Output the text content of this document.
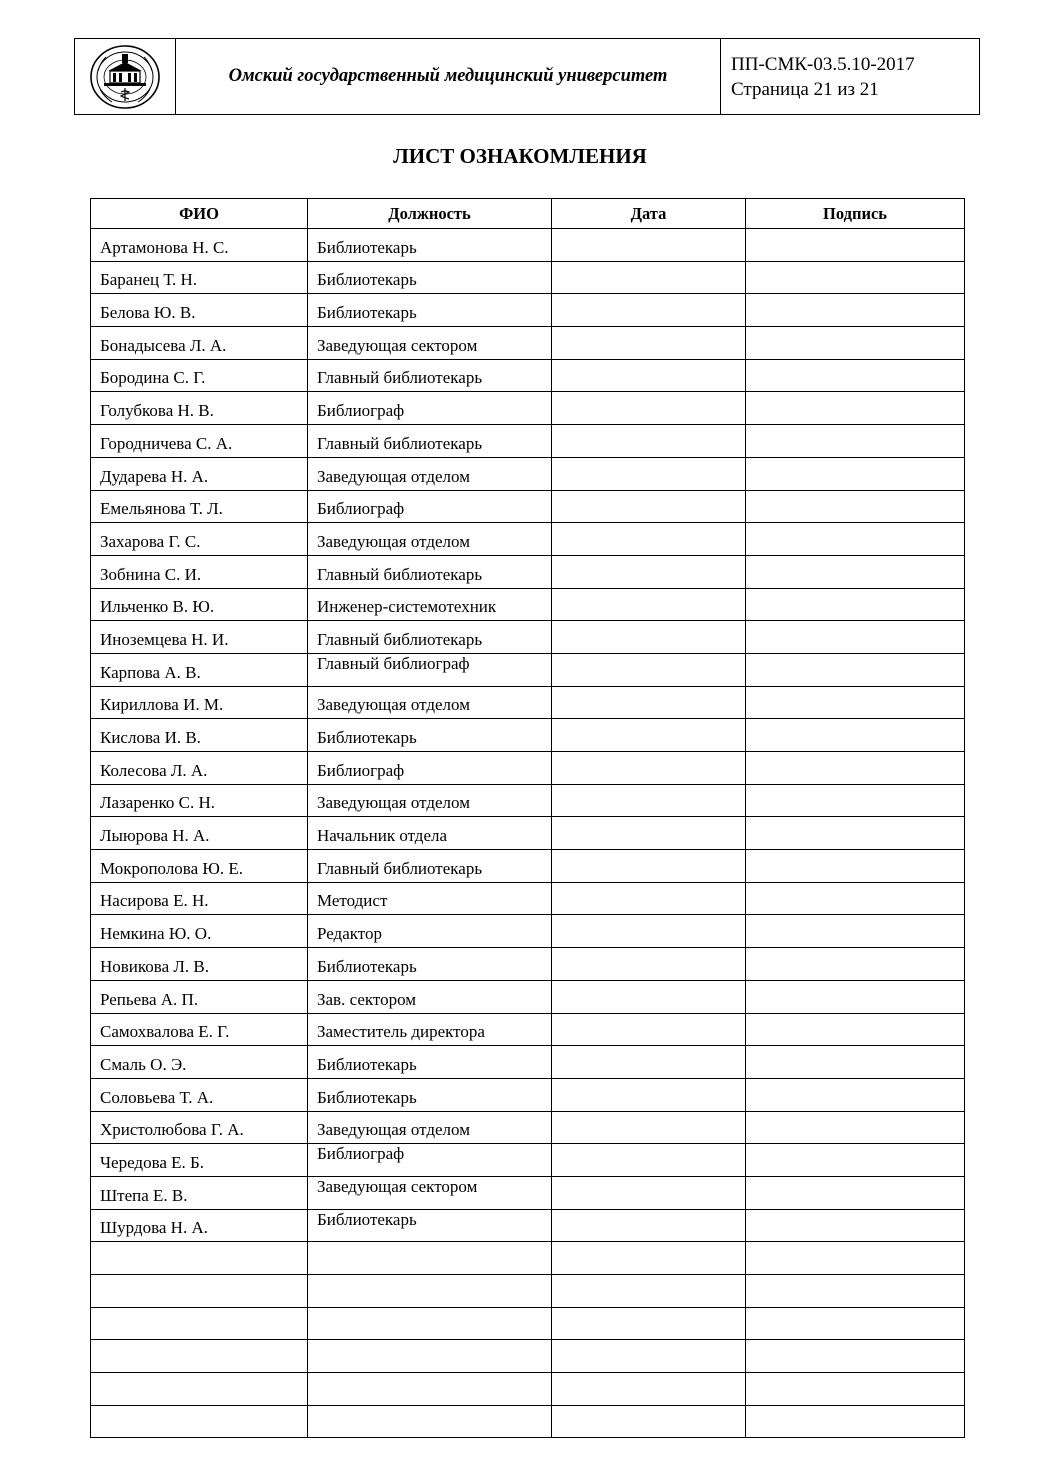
Омский государственный медицинский университет
ПП-СМК-03.5.10-2017
Страница 21 из 21
ЛИСТ ОЗНАКОМЛЕНИЯ
ФИО	Должность	Дата	Подпись
Артамонова Н. С.	Библиотекарь		
Баранец Т. Н.	Библиотекарь		
Белова Ю. В.	Библиотекарь		
Бонадысева Л. А.	Заведующая сектором		
Бородина С. Г.	Главный библиотекарь		
Голубкова Н. В.	Библиограф		
Городничева С. А.	Главный библиотекарь		
Дударева Н. А.	Заведующая отделом		
Емельянова Т. Л.	Библиограф		
Захарова Г. С.	Заведующая отделом		
Зобнина С. И.	Главный библиотекарь		
Ильченко В. Ю.	Инженер-системотехник		
Иноземцева Н. И.	Главный библиотекарь		
Карпова А. В.	Главный библиограф		
Кириллова И. М.	Заведующая отделом		
Кислова И. В.	Библиотекарь		
Колесова Л. А.	Библиограф		
Лазаренко С. Н.	Заведующая отделом		
Лыюрова Н. А.	Начальник отдела		
Мокрополова Ю. Е.	Главный библиотекарь		
Насирова Е. Н.	Методист		
Немкина Ю. О.	Редактор		
Новикова Л. В.	Библиотекарь		
Репьева А. П.	Зав. сектором		
Самохвалова Е. Г.	Заместитель директора		
Смаль О. Э.	Библиотекарь		
Соловьева Т. А.	Библиотекарь		
Христолюбова Г. А.	Заведующая отделом		
Чередова Е. Б.	Библиограф		
Штепа Е. В.	Заведующая сектором		
Шурдова Н. А.	Библиотекарь		
